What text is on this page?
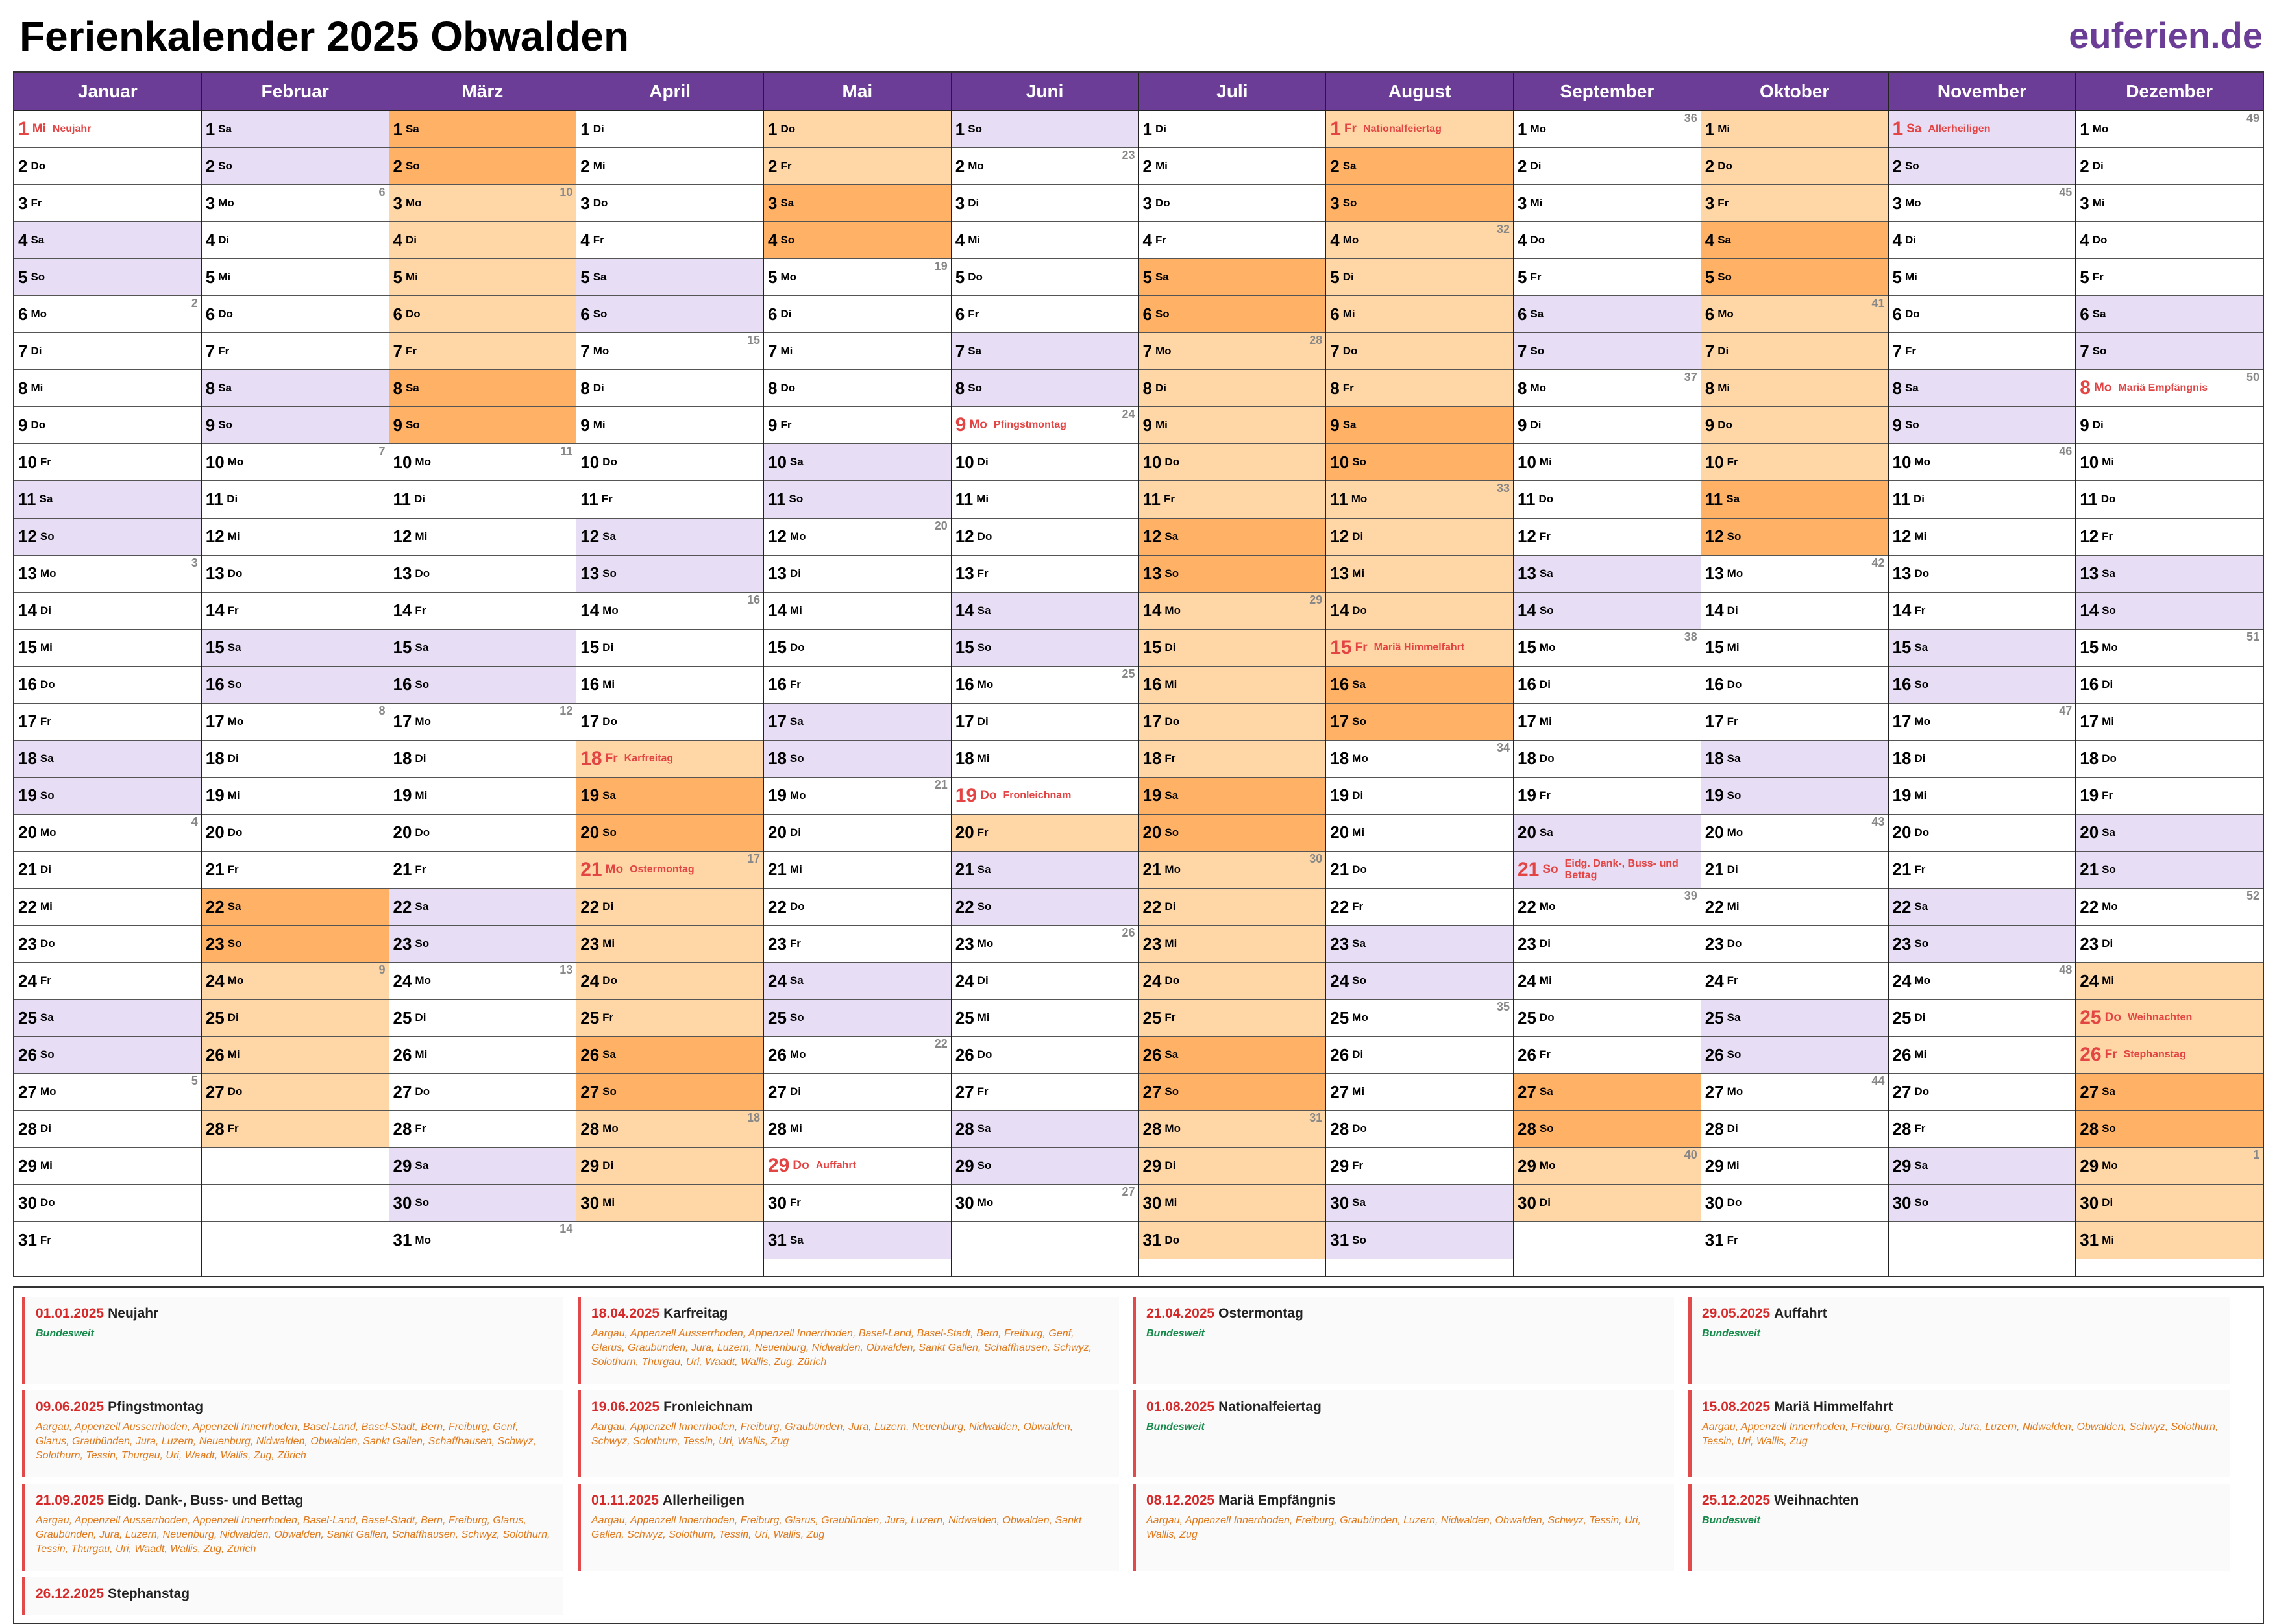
Ferienkalender 2025 Obwalden	euferien.de
Januar
1 Mi Neujahr
2 Do
3 Fr
4 Sa
5 So
6 Mo
2
7 Di
8 Mi
9 Do
10 Fr
11 Sa
12 So
13 Mo
3
14 Di
15 Mi
16 Do
17 Fr
18 Sa
19 So
20 Mo
4
21 Di
22 Mi
23 Do
24 Fr
25 Sa
26 So
27 Mo
5
28 Di
29 Mi
30 Do
31 Fr
Februar
1 Sa
2 So
3 Mo
6
4 Di
5 Mi
6 Do
7 Fr
8 Sa
9 So
10 Mo
7
11 Di
12 Mi
13 Do
14 Fr
15 Sa
16 So
17 Mo
8
18 Di
19 Mi
20 Do
21 Fr
22 Sa
23 So
24 Mo
9
25 Di
26 Mi
27 Do
28 Fr
März
1 Sa
2 So
3 Mo
10
4 Di
5 Mi
6 Do
7 Fr
8 Sa
9 So
10 Mo
11
11 Di
12 Mi
13 Do
14 Fr
15 Sa
16 So
17 Mo
12
18 Di
19 Mi
20 Do
21 Fr
22 Sa
23 So
24 Mo
13
25 Di
26 Mi
27 Do
28 Fr
29 Sa
30 So
31 Mo
14
April
1 Di
2 Mi
3 Do
4 Fr
5 Sa
6 So
7 Mo
15
8 Di
9 Mi
10 Do
11 Fr
12 Sa
13 So
14 Mo
16
15 Di
16 Mi
17 Do
18 Fr Karfreitag
19 Sa
20 So
21 Mo Ostermontag
17
22 Di
23 Mi
24 Do
25 Fr
26 Sa
27 So
28 Mo
18
29 Di
30 Mi
Mai
1 Do
2 Fr
3 Sa
4 So
5 Mo
19
6 Di
7 Mi
8 Do
9 Fr
10 Sa
11 So
12 Mo
20
13 Di
14 Mi
15 Do
16 Fr
17 Sa
18 So
19 Mo
21
20 Di
21 Mi
22 Do
23 Fr
24 Sa
25 So
26 Mo
22
27 Di
28 Mi
29 Do Auffahrt
30 Fr
31 Sa
Juni
1 So
2 Mo
23
3 Di
4 Mi
5 Do
6 Fr
7 Sa
8 So
9 Mo Pfingstmontag
24
10 Di
11 Mi
12 Do
13 Fr
14 Sa
15 So
16 Mo
25
17 Di
18 Mi
19 Do Fronleichnam
20 Fr
21 Sa
22 So
23 Mo
26
24 Di
25 Mi
26 Do
27 Fr
28 Sa
29 So
30 Mo
27
Juli
1 Di
2 Mi
3 Do
4 Fr
5 Sa
6 So
7 Mo
28
8 Di
9 Mi
10 Do
11 Fr
12 Sa
13 So
14 Mo
29
15 Di
16 Mi
17 Do
18 Fr
19 Sa
20 So
21 Mo
30
22 Di
23 Mi
24 Do
25 Fr
26 Sa
27 So
28 Mo
31
29 Di
30 Mi
31 Do
August
1 Fr Nationalfeiertag
2 Sa
3 So
4 Mo
32
5 Di
6 Mi
7 Do
8 Fr
9 Sa
10 So
11 Mo
33
12 Di
13 Mi
14 Do
15 Fr Mariä Himmelfahrt
16 Sa
17 So
18 Mo
34
19 Di
20 Mi
21 Do
22 Fr
23 Sa
24 So
25 Mo
35
26 Di
27 Mi
28 Do
29 Fr
30 Sa
31 So
September
1 Mo
36
2 Di
3 Mi
4 Do
5 Fr
6 Sa
7 So
8 Mo
37
9 Di
10 Mi
11 Do
12 Fr
13 Sa
14 So
15 Mo
38
16 Di
17 Mi
18 Do
19 Fr
20 Sa
21 So Eidg. Dank-, Buss- und Bettag
22 Mo
39
23 Di
24 Mi
25 Do
26 Fr
27 Sa
28 So
29 Mo
40
30 Di
Oktober
1 Mi
2 Do
3 Fr
4 Sa
5 So
6 Mo
41
7 Di
8 Mi
9 Do
10 Fr
11 Sa
12 So
13 Mo
42
14 Di
15 Mi
16 Do
17 Fr
18 Sa
19 So
20 Mo
43
21 Di
22 Mi
23 Do
24 Fr
25 Sa
26 So
27 Mo
44
28 Di
29 Mi
30 Do
31 Fr
November
1 Sa Allerheiligen
2 So
3 Mo
45
4 Di
5 Mi
6 Do
7 Fr
8 Sa
9 So
10 Mo
46
11 Di
12 Mi
13 Do
14 Fr
15 Sa
16 So
17 Mo
47
18 Di
19 Mi
20 Do
21 Fr
22 Sa
23 So
24 Mo
48
25 Di
26 Mi
27 Do
28 Fr
29 Sa
30 So
Dezember
1 Mo
49
2 Di
3 Mi
4 Do
5 Fr
6 Sa
7 So
8 Mo Mariä Empfängnis
50
9 Di
10 Mi
11 Do
12 Fr
13 Sa
14 So
15 Mo
51
16 Di
17 Mi
18 Do
19 Fr
20 Sa
21 So
22 Mo
52
23 Di
24 Mi
25 Do Weihnachten
26 Fr Stephanstag
27 Sa
28 So
29 Mo
1
30 Di
31 Mi
01.01.2025 Neujahr
Bundesweit
18.04.2025 Karfreitag
Aargau, Appenzell Ausserrhoden, Appenzell Innerrhoden, Basel-Land, Basel-Stadt, Bern, Freiburg, Genf, Glarus, Graubünden, Jura, Luzern, Neuenburg, Nidwalden, Obwalden, Sankt Gallen, Schaffhausen, Schwyz, Solothurn, Thurgau, Uri, Waadt, Wallis, Zug, Zürich
21.04.2025 Ostermontag
Bundesweit
29.05.2025 Auffahrt
Bundesweit
09.06.2025 Pfingstmontag
Aargau, Appenzell Ausserrhoden, Appenzell Innerrhoden, Basel-Land, Basel-Stadt, Bern, Freiburg, Genf, Glarus, Graubünden, Jura, Luzern, Neuenburg, Nidwalden, Obwalden, Sankt Gallen, Schaffhausen, Schwyz, Solothurn, Tessin, Thurgau, Uri, Waadt, Wallis, Zug, Zürich
19.06.2025 Fronleichnam
Aargau, Appenzell Innerrhoden, Freiburg, Graubünden, Jura, Luzern, Neuenburg, Nidwalden, Obwalden, Schwyz, Solothurn, Tessin, Uri, Wallis, Zug
01.08.2025 Nationalfeiertag
Bundesweit
15.08.2025 Mariä Himmelfahrt
Aargau, Appenzell Innerrhoden, Freiburg, Graubünden, Jura, Luzern, Nidwalden, Obwalden, Schwyz, Solothurn, Tessin, Uri, Wallis, Zug
21.09.2025 Eidg. Dank-, Buss- und Bettag
Aargau, Appenzell Ausserrhoden, Appenzell Innerrhoden, Basel-Land, Basel-Stadt, Bern, Freiburg, Glarus, Graubünden, Jura, Luzern, Neuenburg, Nidwalden, Obwalden, Sankt Gallen, Schaffhausen, Schwyz, Solothurn, Tessin, Thurgau, Uri, Waadt, Wallis, Zug, Zürich
01.11.2025 Allerheiligen
Aargau, Appenzell Innerrhoden, Freiburg, Glarus, Graubünden, Jura, Luzern, Nidwalden, Obwalden, Sankt Gallen, Schwyz, Solothurn, Tessin, Uri, Wallis, Zug
08.12.2025 Mariä Empfängnis
Aargau, Appenzell Innerrhoden, Freiburg, Graubünden, Luzern, Nidwalden, Obwalden, Schwyz, Tessin, Uri, Wallis, Zug
25.12.2025 Weihnachten
Bundesweit
26.12.2025 Stephanstag
